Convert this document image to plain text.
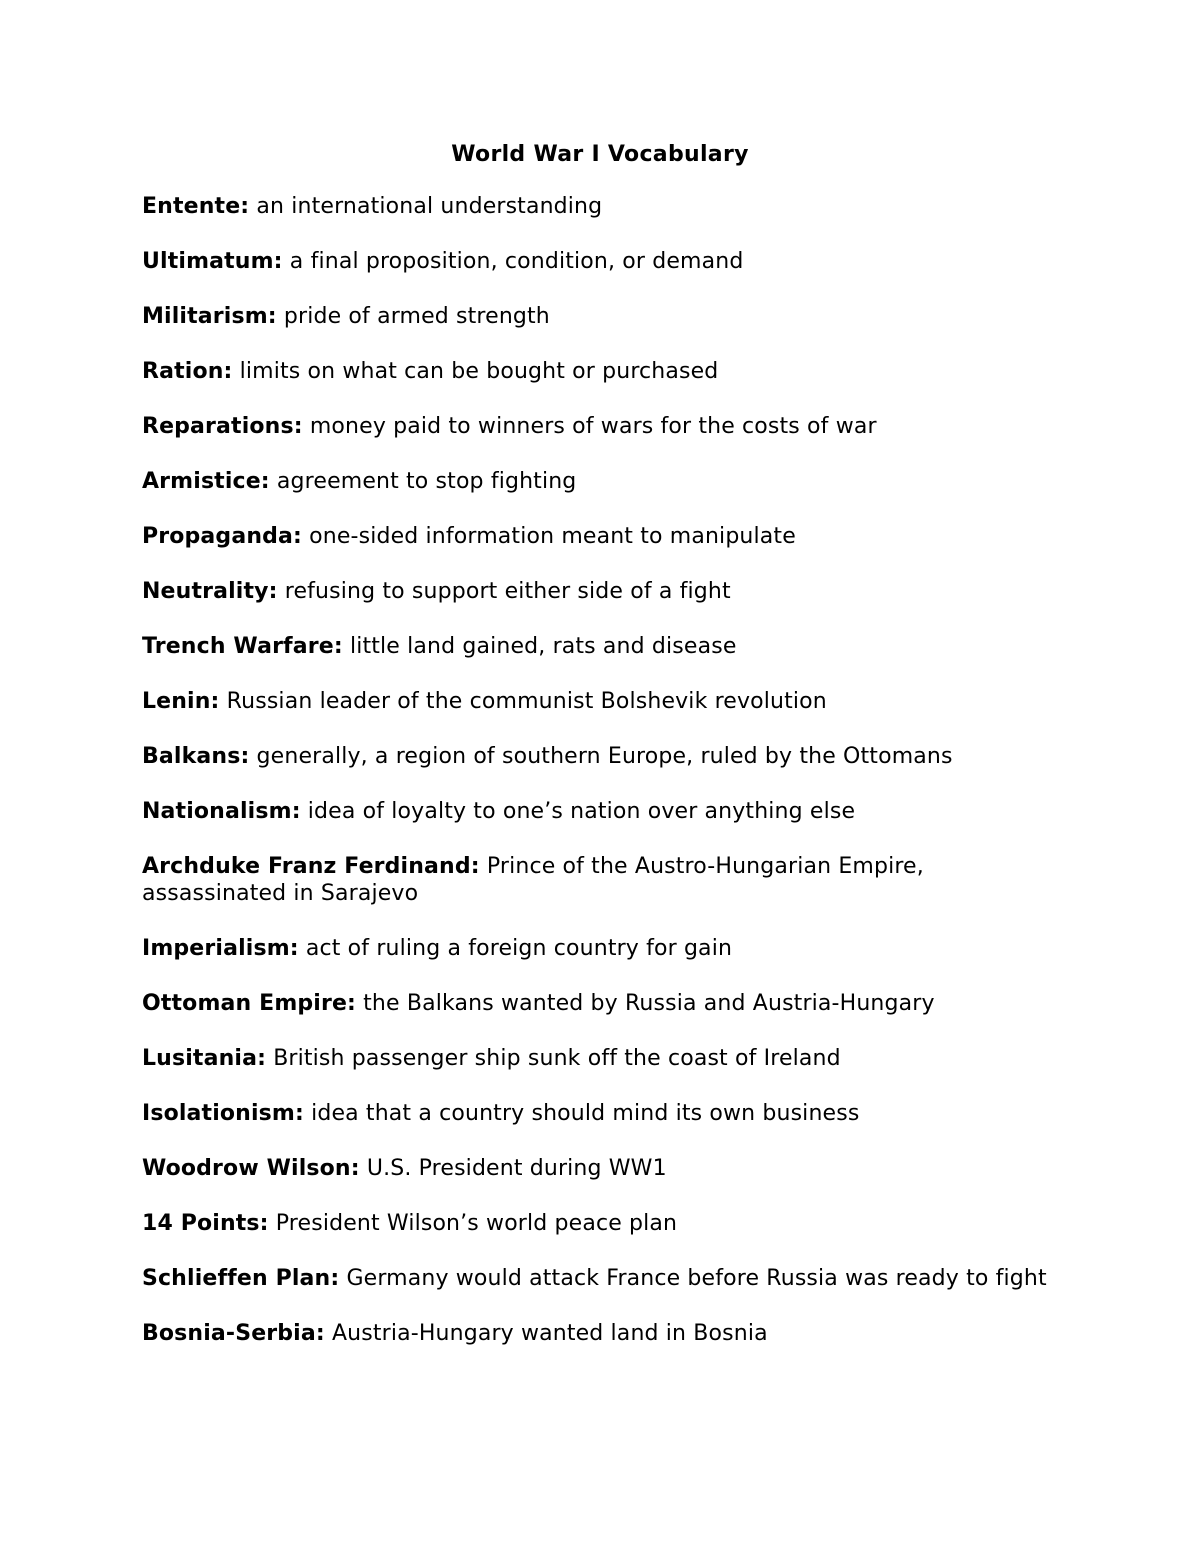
World War I Vocabulary
Entente: an international understanding
Ultimatum: a final proposition, condition, or demand
Militarism: pride of armed strength
Ration: limits on what can be bought or purchased
Reparations: money paid to winners of wars for the costs of war
Armistice: agreement to stop fighting
Propaganda: one-sided information meant to manipulate
Neutrality: refusing to support either side of a fight
Trench Warfare: little land gained, rats and disease
Lenin: Russian leader of the communist Bolshevik revolution
Balkans: generally, a region of southern Europe, ruled by the Ottomans
Nationalism: idea of loyalty to one’s nation over anything else
Archduke Franz Ferdinand: Prince of the Austro-Hungarian Empire, assassinated in Sarajevo
Imperialism: act of ruling a foreign country for gain
Ottoman Empire: the Balkans wanted by Russia and Austria-Hungary
Lusitania: British passenger ship sunk off the coast of Ireland
Isolationism: idea that a country should mind its own business
Woodrow Wilson: U.S. President during WW1
14 Points: President Wilson’s world peace plan
Schlieffen Plan: Germany would attack France before Russia was ready to fight
Bosnia-Serbia: Austria-Hungary wanted land in Bosnia
